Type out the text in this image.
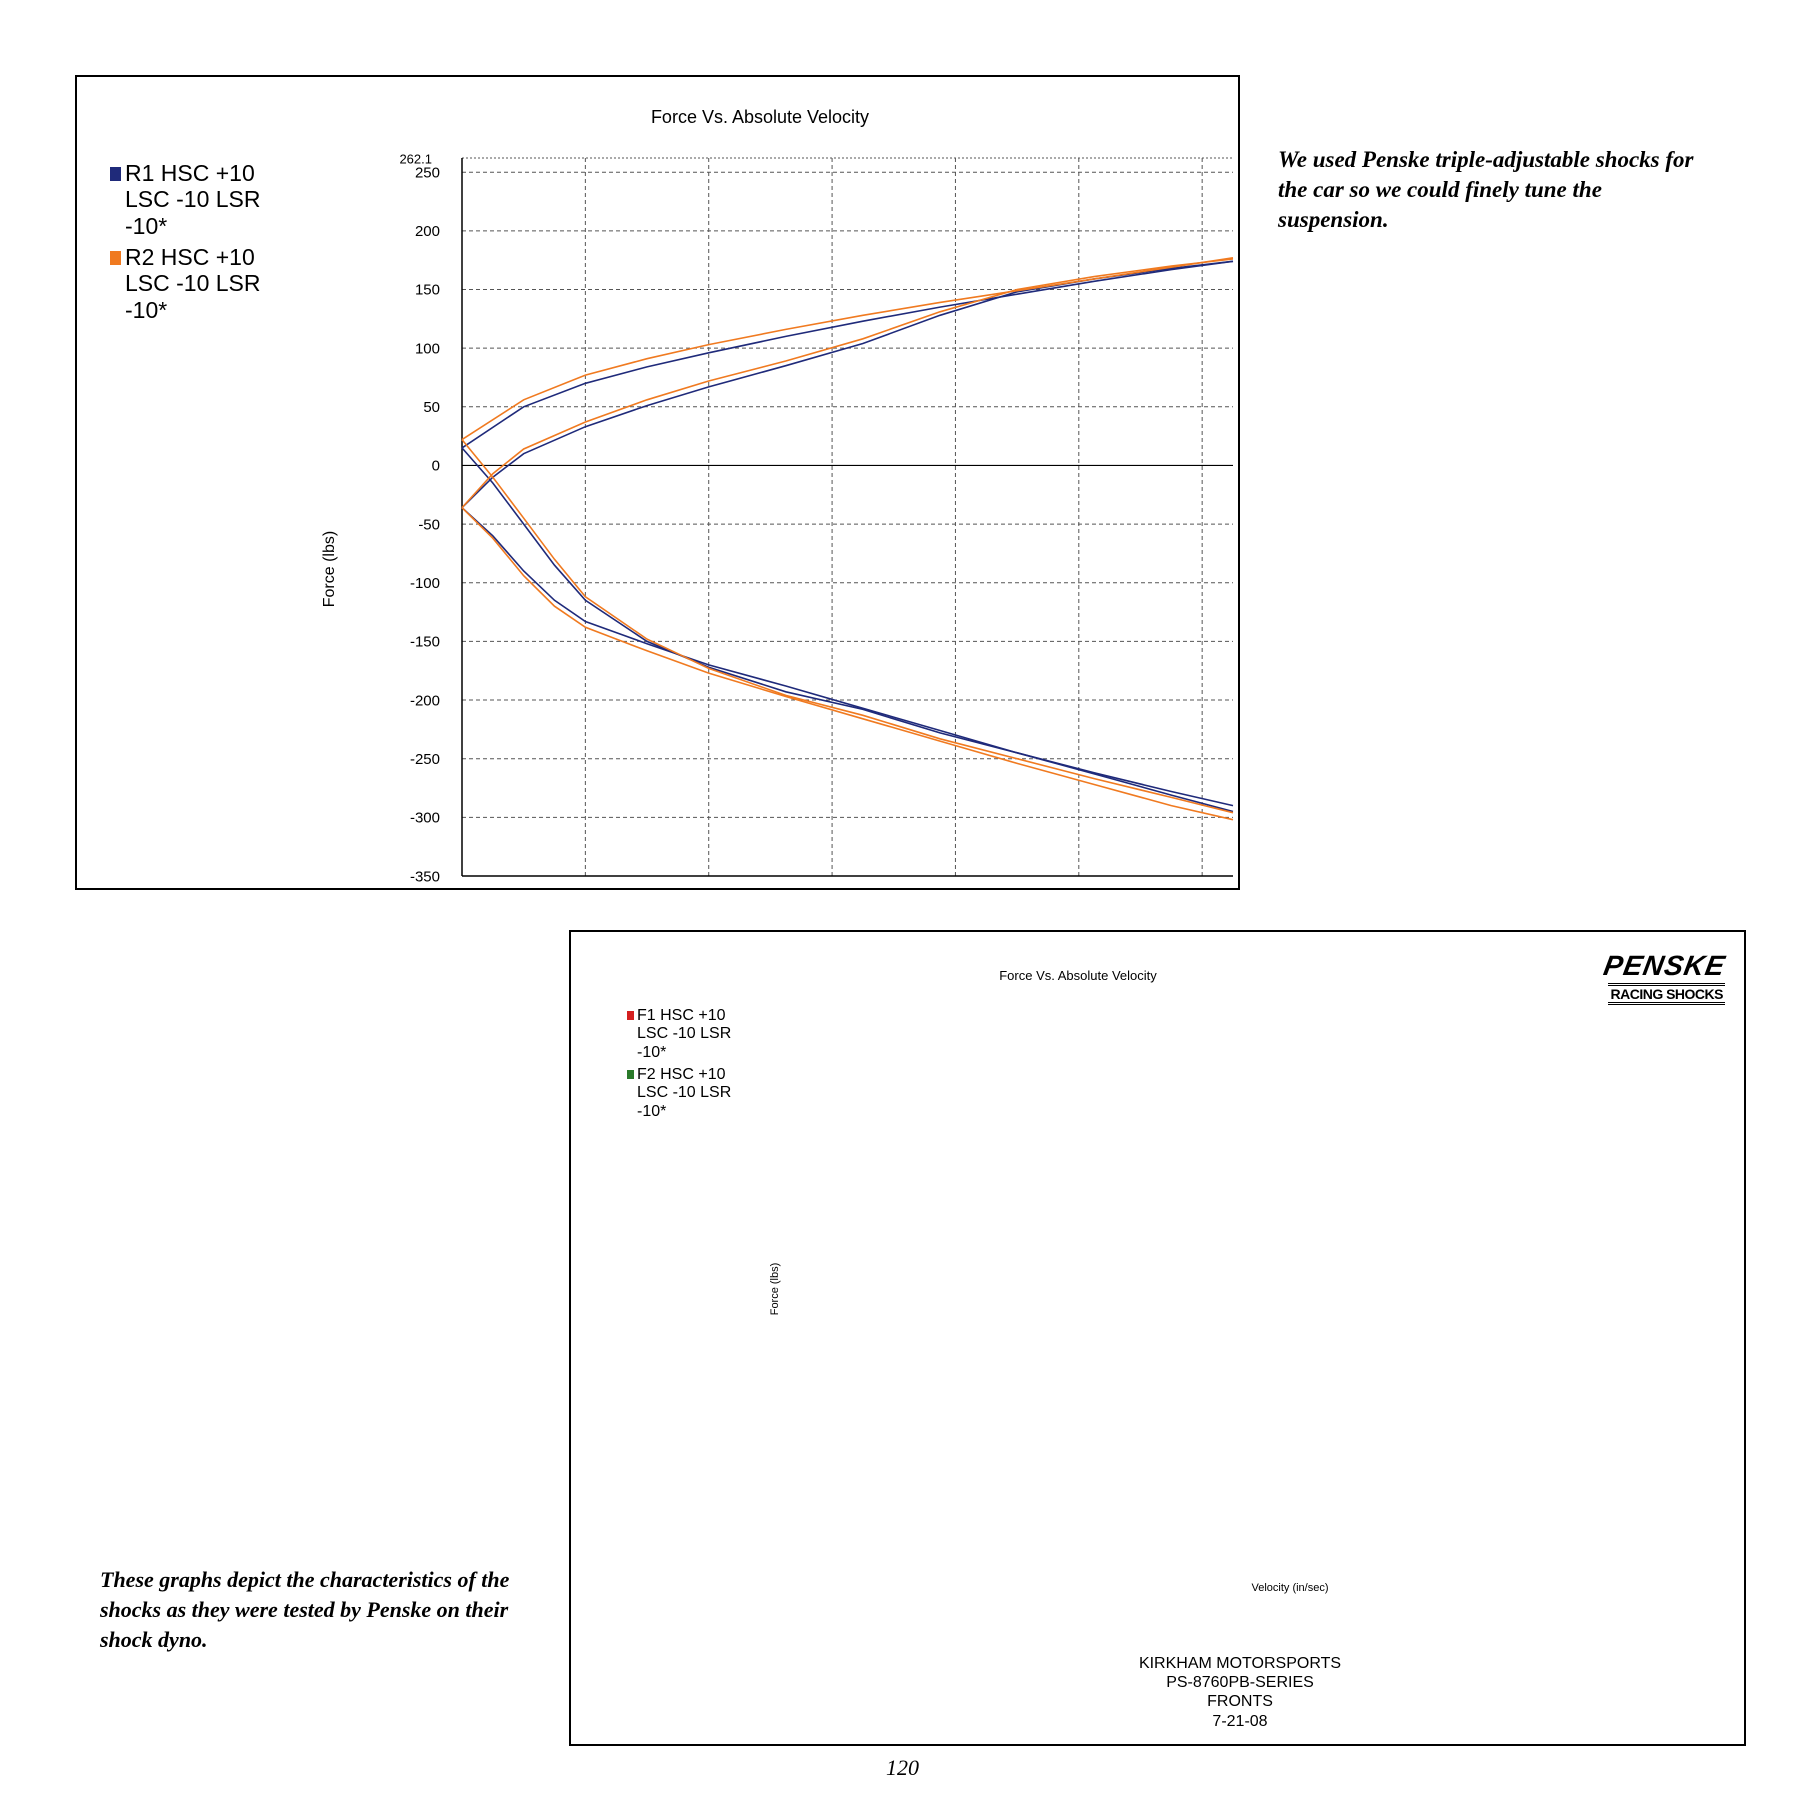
Force Vs. Absolute Velocity
R1 HSC +10
LSC -10 LSR
-10*
R2 HSC +10
LSC -10 LSR
-10*
Force (lbs)
250
200
150
100
50
0
-50
-100
-150
-200
-250
-300
-350
262.1	We used Penske triple-adjustable shocks for the car so we could finely tune the suspension.
Force Vs. Absolute Velocity	PENSKE
RACING SHOCKS
F1 HSC +10
LSC -10 LSR
-10*
F2 HSC +10
LSC -10 LSR
-10*
Force (lbs)
Velocity (in/sec)
These graphs depict the characteristics of the shocks as they were tested by Penske on their shock dyno.
KIRKHAM MOTORSPORTS
PS-8760PB-SERIES
FRONTS
7-21-08
120
